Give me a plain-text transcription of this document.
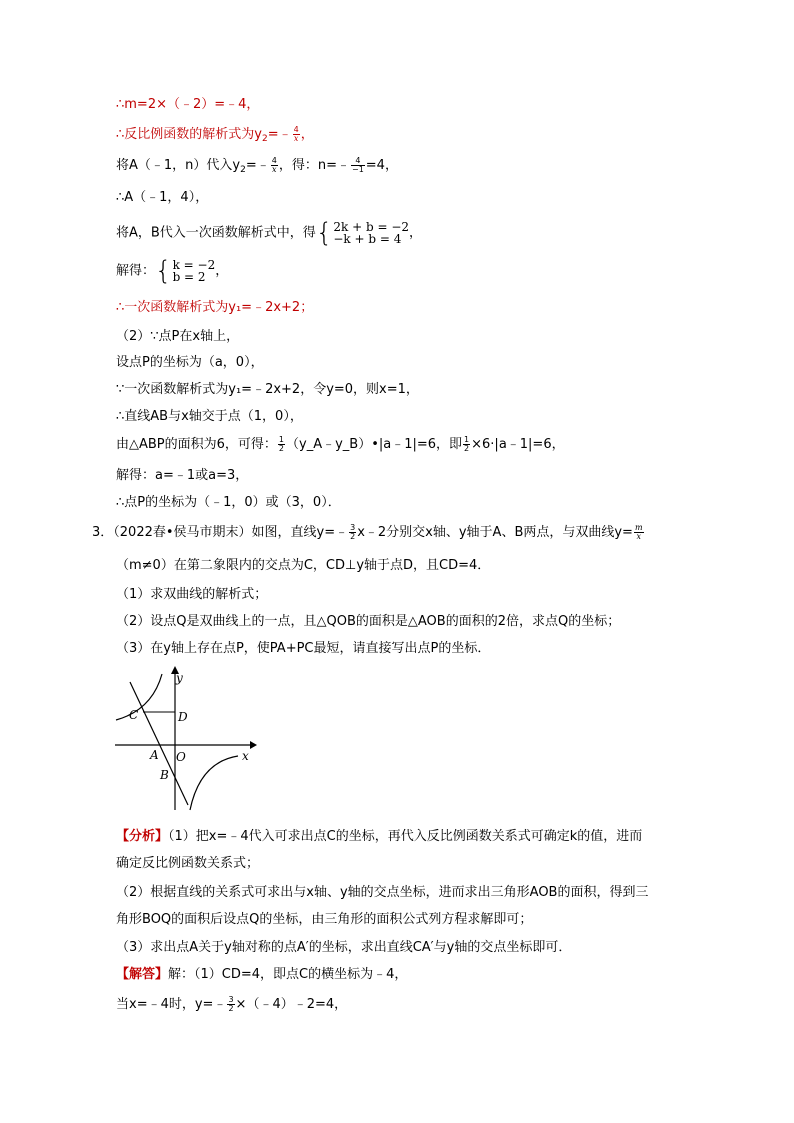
∴m=2×（﹣2）=﹣4，
∴反比例函数的解析式为$y_2=﹣ \frac{4}{x}$ ，
将A（﹣1，n）代入$y_2=﹣ \frac{4}{x}$ ，得：n=﹣ $\frac{4}{-1} =4$，
∴A（﹣1，4），
将A，B代入一次函数解析式中，得{ 2k + b = −2
−k + b = 4 ，
解得：{ k = −2
b = 2 ，
∴一次函数解析式为y₁=﹣2x+2；
（2）∵点P在x轴上，
设点P的坐标为（a，0），
∵一次函数解析式为y₁=﹣2x+2，令y=0，则x=1，
∴直线AB与x轴交于点（1，0），
由△ABP的面积为6，可得： $\frac{1}{2}$ （y_A﹣y_B）•|a﹣1|=6，即 $\frac{1}{2}$ ×6·|a﹣1|=6，
解得：a=﹣1或a=3，
∴点P的坐标为（﹣1，0）或（3，0）．
3．（2022春•侯马市期末）如图，直线y=﹣ $\frac{3}{2}$ x﹣2分别交x轴、y轴于A、B两点，与双曲线$y= \frac{m}{x}$
（m≠0）在第二象限内的交点为C，CD⊥y轴于点D，且CD=4．
（1）求双曲线的解析式；
（2）设点Q是双曲线上的一点，且△QOB的面积是△AOB的面积的2倍，求点Q的坐标；
（3）在y轴上存在点P，使PA+PC最短，请直接写出点P的坐标．
y
x
C	D
A O
B
【分析】（1）把x=﹣4代入可求出点C的坐标，再代入反比例函数关系式可确定k的值，进而
确定反比例函数关系式；
（2）根据直线的关系式可求出与x轴、y轴的交点坐标，进而求出三角形AOB的面积，得到三
角形BOQ的面积后设点Q的坐标，由三角形的面积公式列方程求解即可；
（3）求出点A关于y轴对称的点A′的坐标，求出直线CA′与y轴的交点坐标即可．
【解答】解：（1）CD=4，即点C的横坐标为﹣4，
当x=﹣4时，y=﹣ $\frac{3}{2}$ ×（﹣4）﹣2=4，
